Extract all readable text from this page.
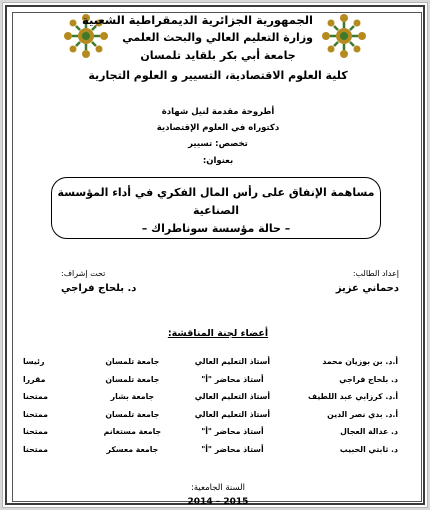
الجمهورية الجزائرية الديمقراطية الشعبية
وزارة التعليم العالي والبحث العلمي
جامعة أبي بكر بلقايد تلمسان
كلية العلوم الاقتصادية، التسيير و العلوم التجارية
أطروحة مقدمة لنيل شهادة
دكتوراه في العلوم الإقتصادية
تخصص: تسيير
بعنوان:
مساهمة الإنفاق على رأس المال الفكري في أداء المؤسسة
الصناعية
– حالة مؤسسة سوناطراك –
إعداد الطالب:
دحماني عزيز
تحت إشراف:
د. بلحاج فراجي
أعضاء لجنة المناقشة:
أ.د. بن بوزيان محمد	أستاذ التعليم العالي	جامعة تلمسان	رئيسا
د. بلحاج فراجي	أستاذ محاضر "أ"	جامعة تلمسان	مقررا
أ.د. كرزابي عبد اللطيف	أستاذ التعليم العالي	جامعة بشار	ممتحنا
أ.د. بدي نصر الدين	أستاذ التعليم العالي	جامعة تلمسان	ممتحنا
د. عدالة العجال	أستاذ محاضر "أ"	جامعة مستغانم	ممتحنا
د. ثابتي الحبيب	أستاذ محاضر "أ"	جامعة معسكر	ممتحنا
السنة الجامعية:
2015 – 2014
